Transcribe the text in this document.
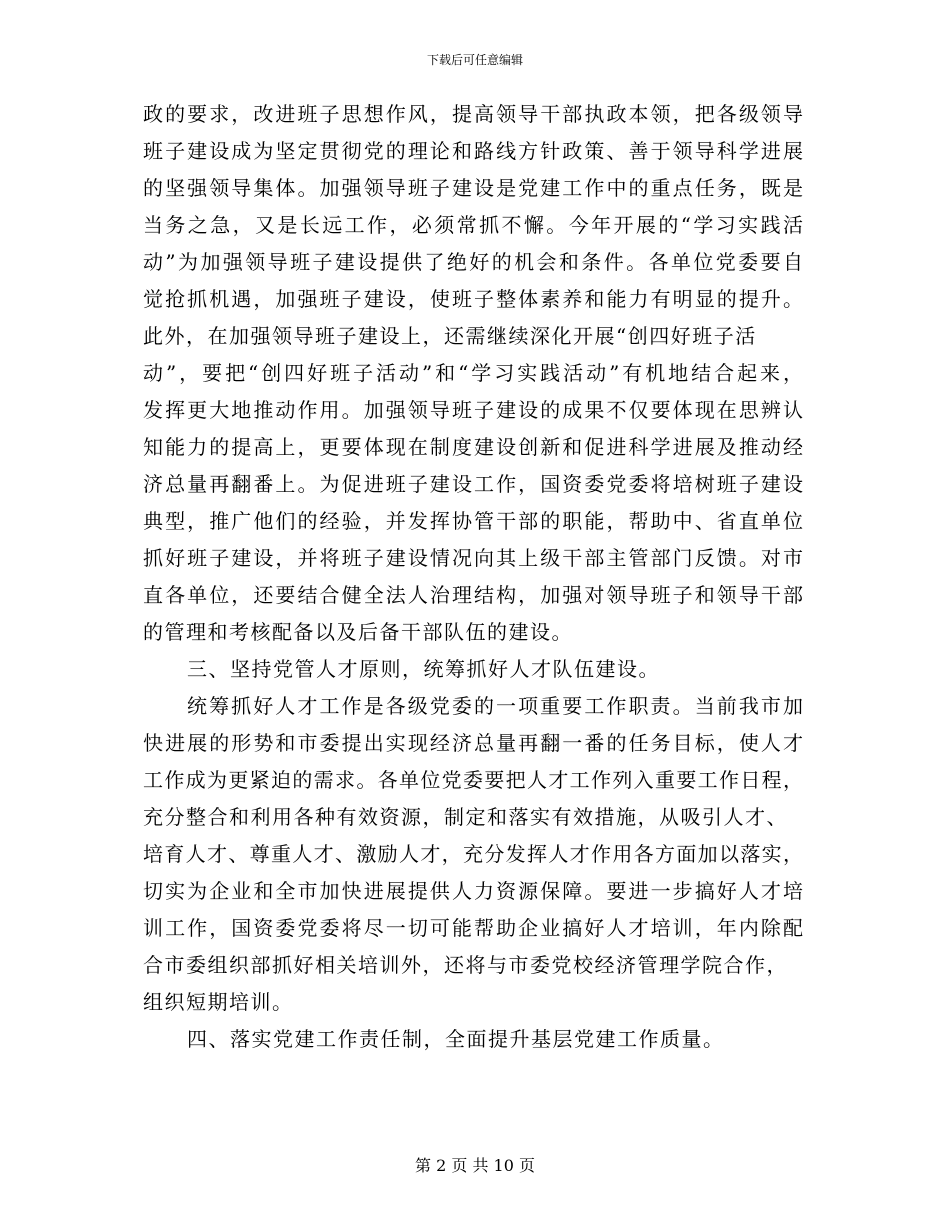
下载后可任意编辑
政的要求，改进班子思想作风，提高领导干部执政本领，把各级领导
班子建设成为坚定贯彻党的理论和路线方针政策、善于领导科学进展
的坚强领导集体。加强领导班子建设是党建工作中的重点任务，既是
当务之急，又是长远工作，必须常抓不懈。今年开展的“学习实践活
动”为加强领导班子建设提供了绝好的机会和条件。各单位党委要自
觉抢抓机遇，加强班子建设，使班子整体素养和能力有明显的提升。
此外，在加强领导班子建设上，还需继续深化开展“创四好班子活
动”，要把“创四好班子活动”和“学习实践活动”有机地结合起来，
发挥更大地推动作用。加强领导班子建设的成果不仅要体现在思辨认
知能力的提高上，更要体现在制度建设创新和促进科学进展及推动经
济总量再翻番上。为促进班子建设工作，国资委党委将培树班子建设
典型，推广他们的经验，并发挥协管干部的职能，帮助中、省直单位
抓好班子建设，并将班子建设情况向其上级干部主管部门反馈。对市
直各单位，还要结合健全法人治理结构，加强对领导班子和领导干部
的管理和考核配备以及后备干部队伍的建设。
三、坚持党管人才原则，统筹抓好人才队伍建设。
统筹抓好人才工作是各级党委的一项重要工作职责。当前我市加
快进展的形势和市委提出实现经济总量再翻一番的任务目标，使人才
工作成为更紧迫的需求。各单位党委要把人才工作列入重要工作日程，
充分整合和利用各种有效资源，制定和落实有效措施，从吸引人才、
培育人才、尊重人才、激励人才，充分发挥人才作用各方面加以落实，
切实为企业和全市加快进展提供人力资源保障。要进一步搞好人才培
训工作，国资委党委将尽一切可能帮助企业搞好人才培训，年内除配
合市委组织部抓好相关培训外，还将与市委党校经济管理学院合作，
组织短期培训。
四、落实党建工作责任制，全面提升基层党建工作质量。
第 2 页 共 10 页
